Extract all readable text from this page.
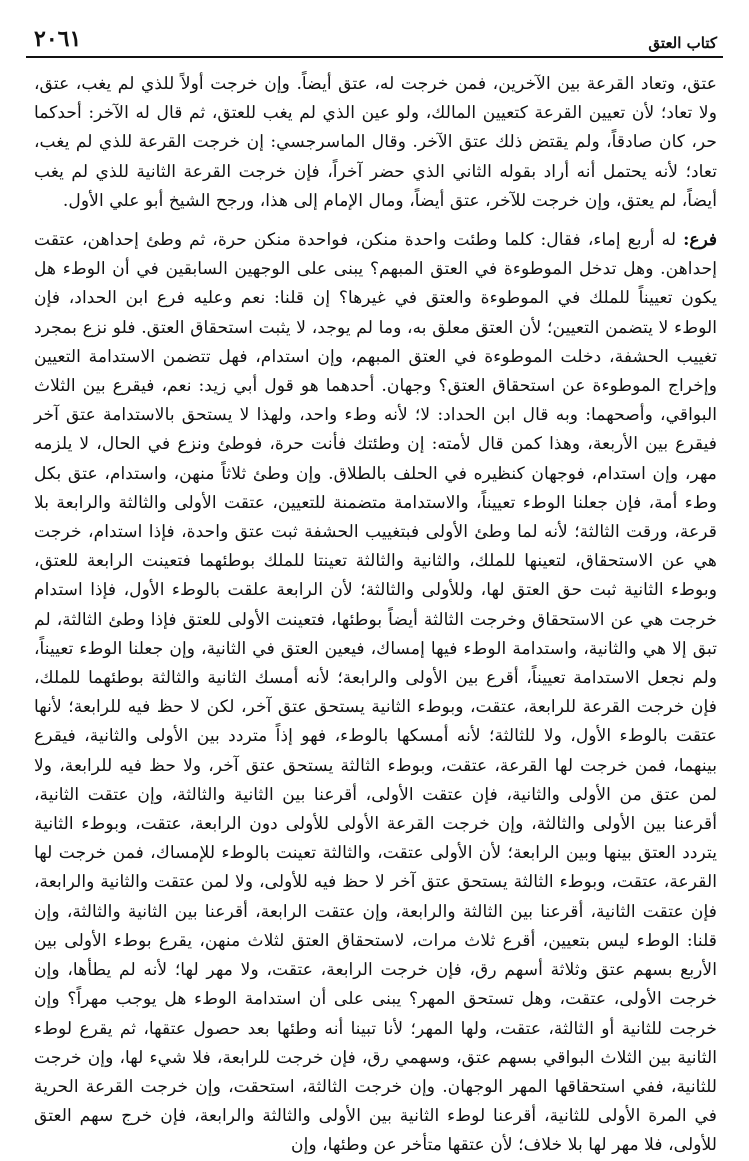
كتاب العتق
٢٠٦١

عتق، وتعاد القرعة بين الآخرين، فمن خرجت له، عتق أيضاً. وإن خرجت أولاً للذي لم يغب، عتق، ولا تعاد؛ لأن تعيين القرعة كتعيين المالك، ولو عين الذي لم يغب للعتق، ثم قال له الآخر: أحدكما حر، كان صادقاً، ولم يقتض ذلك عتق الآخر. وقال الماسرجسي: إن خرجت القرعة للذي لم يغب، تعاد؛ لأنه يحتمل أنه أراد بقوله الثاني الذي حضر آخراً، فإن خرجت القرعة الثانية للذي لم يغب أيضاً، لم يعتق، وإن خرجت للآخر، عتق أيضاً، ومال الإمام إلى هذا، ورجح الشيخ أبو علي الأول.

فرع: له أربع إماء، فقال: كلما وطئت واحدة منكن، فواحدة منكن حرة، ثم وطئ إحداهن، عتقت إحداهن. وهل تدخل الموطوءة في العتق المبهم؟ يبنى على الوجهين السابقين في أن الوطء هل يكون تعييناً للملك في الموطوءة والعتق في غيرها؟ إن قلنا: نعم وعليه فرع ابن الحداد، فإن الوطء لا يتضمن التعيين؛ لأن العتق معلق به، وما لم يوجد، لا يثبت استحقاق العتق. فلو نزع بمجرد تغييب الحشفة، دخلت الموطوءة في العتق المبهم، وإن استدام، فهل تتضمن الاستدامة التعيين وإخراج الموطوءة عن استحقاق العتق؟ وجهان. أحدهما هو قول أبي زيد: نعم، فيقرع بين الثلاث البواقي، وأصحهما: وبه قال ابن الحداد: لا؛ لأنه وطء واحد، ولهذا لا يستحق بالاستدامة عتق آخر فيقرع بين الأربعة، وهذا كمن قال لأمته: إن وطئتك فأنت حرة، فوطئ ونزع في الحال، لا يلزمه مهر، وإن استدام، فوجهان كنظيره في الحلف بالطلاق. وإن وطئ ثلاثاً منهن، واستدام، عتق بكل وطء أمة، فإن جعلنا الوطء تعييناً، والاستدامة متضمنة للتعيين، عتقت الأولى والثالثة والرابعة بلا قرعة، ورقت الثالثة؛ لأنه لما وطئ الأولى فبتغييب الحشفة ثبت عتق واحدة، فإذا استدام، خرجت هي عن الاستحقاق، لتعينها للملك، والثانية والثالثة تعينتا للملك بوطئهما فتعينت الرابعة للعتق، وبوطء الثانية ثبت حق العتق لها، وللأولى والثالثة؛ لأن الرابعة علقت بالوطء الأول، فإذا استدام خرجت هي عن الاستحقاق وخرجت الثالثة أيضاً بوطئها، فتعينت الأولى للعتق فإذا وطئ الثالثة، لم تبق إلا هي والثانية، واستدامة الوطء فيها إمساك، فيعين العتق في الثانية، وإن جعلنا الوطء تعييناً، ولم نجعل الاستدامة تعييناً، أقرع بين الأولى والرابعة؛ لأنه أمسك الثانية والثالثة بوطئهما للملك، فإن خرجت القرعة للرابعة، عتقت، وبوطء الثانية يستحق عتق آخر، لكن لا حظ فيه للرابعة؛ لأنها عتقت بالوطء الأول، ولا للثالثة؛ لأنه أمسكها بالوطء، فهو إذاً متردد بين الأولى والثانية، فيقرع بينهما، فمن خرجت لها القرعة، عتقت، وبوطء الثالثة يستحق عتق آخر، ولا حظ فيه للرابعة، ولا لمن عتق من الأولى والثانية، فإن عتقت الأولى، أقرعنا بين الثانية والثالثة، وإن عتقت الثانية، أقرعنا بين الأولى والثالثة، وإن خرجت القرعة الأولى للأولى دون الرابعة، عتقت، وبوطء الثانية يتردد العتق بينها وبين الرابعة؛ لأن الأولى عتقت، والثالثة تعينت بالوطء للإمساك، فمن خرجت لها القرعة، عتقت، وبوطء الثالثة يستحق عتق آخر لا حظ فيه للأولى، ولا لمن عتقت والثانية والرابعة، فإن عتقت الثانية، أقرعنا بين الثالثة والرابعة، وإن عتقت الرابعة، أقرعنا بين الثانية والثالثة، وإن قلنا: الوطء ليس بتعيين، أقرع ثلاث مرات، لاستحقاق العتق لثلاث منهن، يقرع بوطء الأولى بين الأربع بسهم عتق وثلاثة أسهم رق، فإن خرجت الرابعة، عتقت، ولا مهر لها؛ لأنه لم يطأها، وإن خرجت الأولى، عتقت، وهل تستحق المهر؟ يبنى على أن استدامة الوطء هل يوجب مهراً؟ وإن خرجت للثانية أو الثالثة، عتقت، ولها المهر؛ لأنا تبينا أنه وطئها بعد حصول عتقها، ثم يقرع لوطء الثانية بين الثلاث البواقي بسهم عتق، وسهمي رق، فإن خرجت للرابعة، فلا شيء لها، وإن خرجت للثانية، ففي استحقاقها المهر الوجهان. وإن خرجت الثالثة، استحقت، وإن خرجت القرعة الحرية في المرة الأولى للثانية، أقرعنا لوطء الثانية بين الأولى والثالثة والرابعة، فإن خرج سهم العتق للأولى، فلا مهر لها بلا خلاف؛ لأن عتقها متأخر عن وطئها، وإن
